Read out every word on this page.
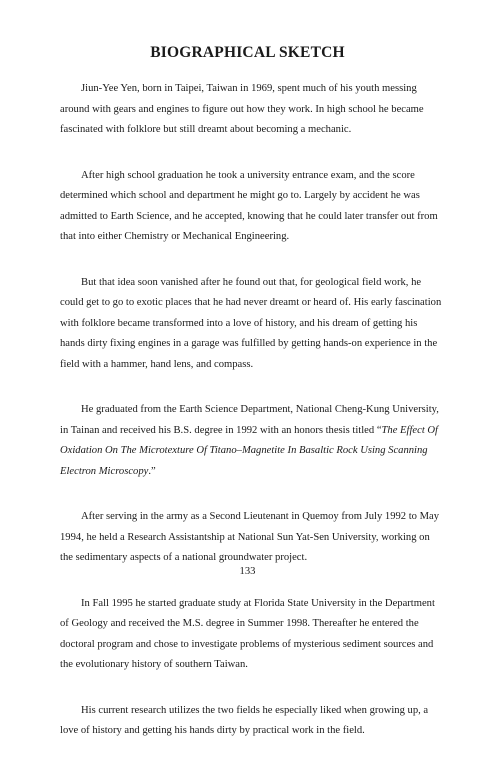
BIOGRAPHICAL SKETCH

Jiun-Yee Yen, born in Taipei, Taiwan in 1969, spent much of his youth messing around with gears and engines to figure out how they work. In high school he became fascinated with folklore but still dreamt about becoming a mechanic.

After high school graduation he took a university entrance exam, and the score determined which school and department he might go to. Largely by accident he was admitted to Earth Science, and he accepted, knowing that he could later transfer out from that into either Chemistry or Mechanical Engineering.

But that idea soon vanished after he found out that, for geological field work, he could get to go to exotic places that he had never dreamt or heard of. His early fascination with folklore became transformed into a love of history, and his dream of getting his hands dirty fixing engines in a garage was fulfilled by getting hands-on experience in the field with a hammer, hand lens, and compass.

He graduated from the Earth Science Department, National Cheng-Kung University, in Tainan and received his B.S. degree in 1992 with an honors thesis titled “The Effect Of Oxidation On The Microtexture Of Titano–Magnetite In Basaltic Rock Using Scanning Electron Microscopy.”

After serving in the army as a Second Lieutenant in Quemoy from July 1992 to May 1994, he held a Research Assistantship at National Sun Yat-Sen University, working on the sedimentary aspects of a national groundwater project.

In Fall 1995 he started graduate study at Florida State University in the Department of Geology and received the M.S. degree in Summer 1998. Thereafter he entered the doctoral program and chose to investigate problems of mysterious sediment sources and the evolutionary history of southern Taiwan.

His current research utilizes the two fields he especially liked when growing up, a love of history and getting his hands dirty by practical work in the field.

133
